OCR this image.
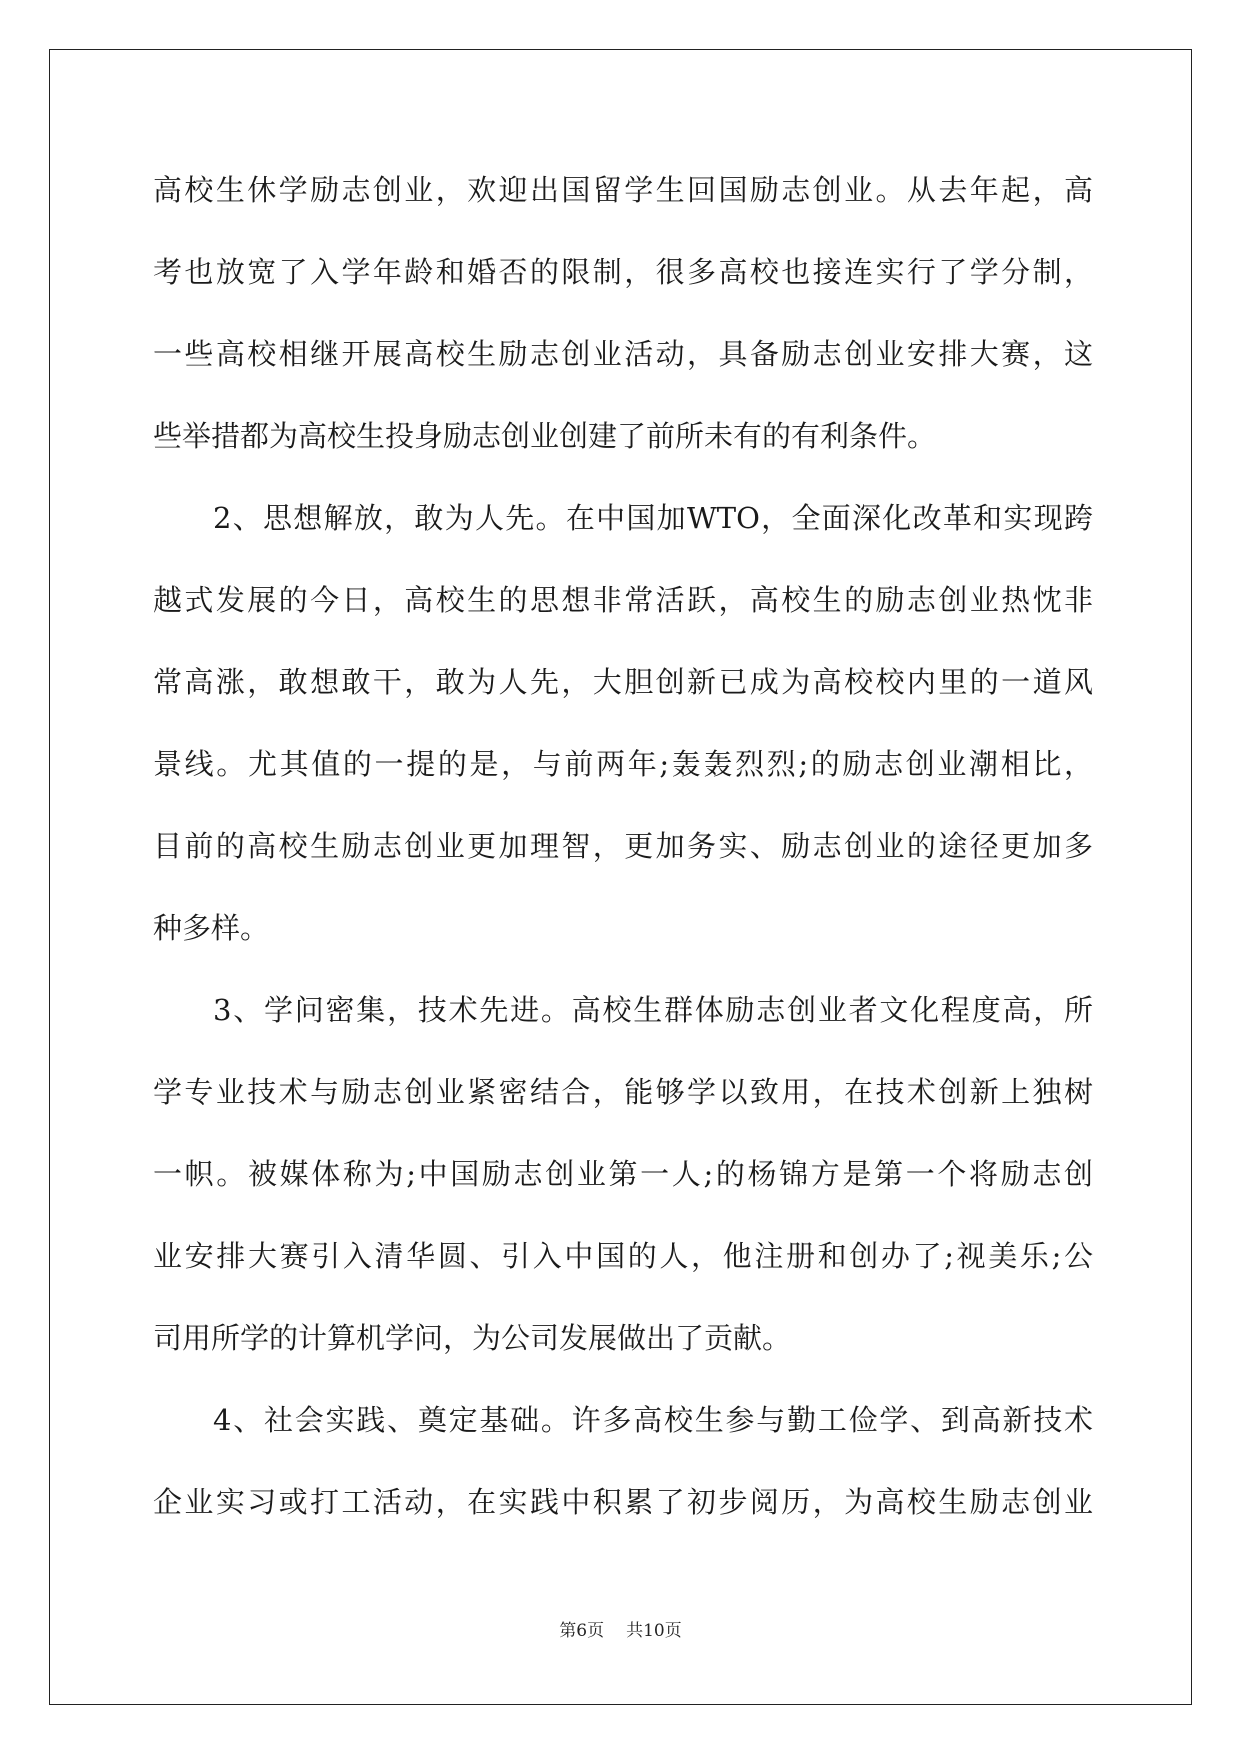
高校生休学励志创业，欢迎出国留学生回国励志创业。从去年起，高
考也放宽了入学年龄和婚否的限制，很多高校也接连实行了学分制，
一些高校相继开展高校生励志创业活动，具备励志创业安排大赛，这
些举措都为高校生投身励志创业创建了前所未有的有利条件。
2、思想解放，敢为人先。在中国加WTO，全面深化改革和实现跨
越式发展的今日，高校生的思想非常活跃，高校生的励志创业热忱非
常高涨，敢想敢干，敢为人先，大胆创新已成为高校校内里的一道风
景线。尤其值的一提的是，与前两年;轰轰烈烈;的励志创业潮相比，
目前的高校生励志创业更加理智，更加务实、励志创业的途径更加多
种多样。
3、学问密集，技术先进。高校生群体励志创业者文化程度高，所
学专业技术与励志创业紧密结合，能够学以致用，在技术创新上独树
一帜。被媒体称为;中国励志创业第一人;的杨锦方是第一个将励志创
业安排大赛引入清华圆、引入中国的人，他注册和创办了;视美乐;公
司用所学的计算机学问，为公司发展做出了贡献。
4、社会实践、奠定基础。许多高校生参与勤工俭学、到高新技术
企业实习或打工活动，在实践中积累了初步阅历，为高校生励志创业
第6页 共10页
